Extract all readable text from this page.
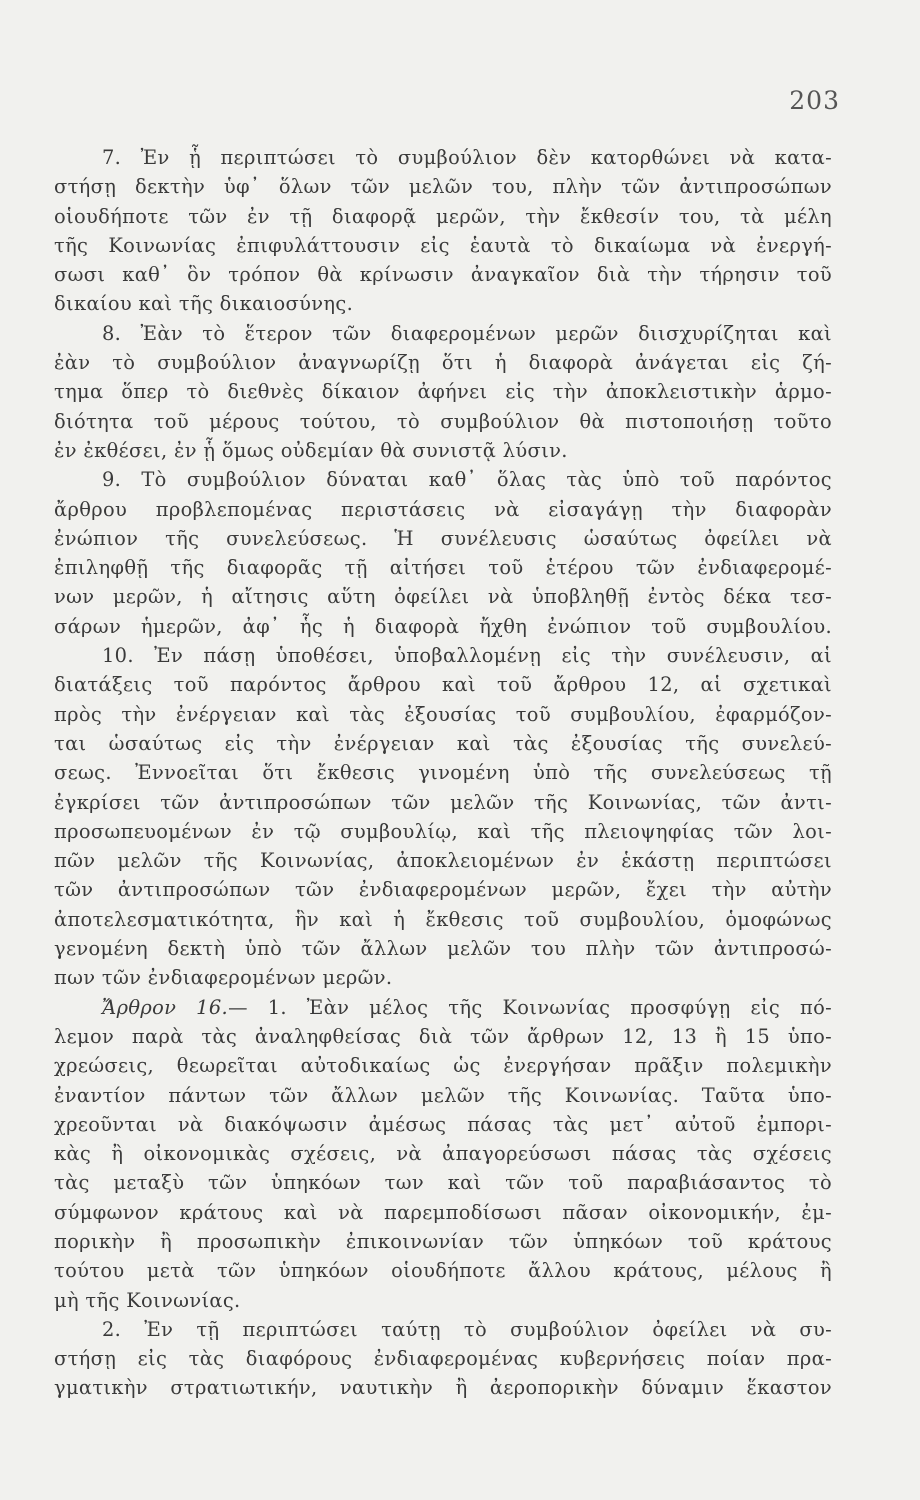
203
7. Ἐν ᾗ περιπτώσει τὸ συμβούλιον δὲν κατορθώνει νὰ κατα-
στήσῃ δεκτὴν ὑφ᾽ ὅλων τῶν μελῶν του, πλὴν τῶν ἀντιπροσώπων
οἱουδήποτε τῶν ἐν τῇ διαφορᾷ μερῶν, τὴν ἔκθεσίν του, τὰ μέλη
τῆς Κοινωνίας ἐπιφυλάττουσιν εἰς ἑαυτὰ τὸ δικαίωμα νὰ ἐνεργή-
σωσι καθ᾽ ὃν τρόπον θὰ κρίνωσιν ἀναγκαῖον διὰ τὴν τήρησιν τοῦ
δικαίου καὶ τῆς δικαιοσύνης.
8. Ἐὰν τὸ ἕτερον τῶν διαφερομένων μερῶν διισχυρίζηται καὶ
ἐὰν τὸ συμβούλιον ἀναγνωρίζῃ ὅτι ἡ διαφορὰ ἀνάγεται εἰς ζή-
τημα ὅπερ τὸ διεθνὲς δίκαιον ἀφήνει εἰς τὴν ἀποκλειστικὴν ἁρμο-
διότητα τοῦ μέρους τούτου, τὸ συμβούλιον θὰ πιστοποιήσῃ τοῦτο
ἐν ἐκθέσει, ἐν ᾗ ὅμως οὐδεμίαν θὰ συνιστᾷ λύσιν.
9. Τὸ συμβούλιον δύναται καθ᾽ ὅλας τὰς ὑπὸ τοῦ παρόντος
ἄρθρου προβλεπομένας περιστάσεις νὰ εἰσαγάγῃ τὴν διαφορὰν
ἐνώπιον τῆς συνελεύσεως. Ἡ συνέλευσις ὡσαύτως ὀφείλει νὰ
ἐπιληφθῇ τῆς διαφορᾶς τῇ αἰτήσει τοῦ ἑτέρου τῶν ἐνδιαφερομέ-
νων μερῶν, ἡ αἴτησις αὕτη ὀφείλει νὰ ὑποβληθῇ ἐντὸς δέκα τεσ-
σάρων ἡμερῶν, ἀφ᾽ ἧς ἡ διαφορὰ ἤχθη ἐνώπιον τοῦ συμβουλίου.
10. Ἐν πάσῃ ὑποθέσει, ὑποβαλλομένῃ εἰς τὴν συνέλευσιν, αἱ
διατάξεις τοῦ παρόντος ἄρθρου καὶ τοῦ ἄρθρου 12, αἱ σχετικαὶ
πρὸς τὴν ἐνέργειαν καὶ τὰς ἐξουσίας τοῦ συμβουλίου, ἐφαρμόζον-
ται ὡσαύτως εἰς τὴν ἐνέργειαν καὶ τὰς ἐξουσίας τῆς συνελεύ-
σεως. Ἐννοεῖται ὅτι ἔκθεσις γινομένη ὑπὸ τῆς συνελεύσεως τῇ
ἐγκρίσει τῶν ἀντιπροσώπων τῶν μελῶν τῆς Κοινωνίας, τῶν ἀντι-
προσωπευομένων ἐν τῷ συμβουλίῳ, καὶ τῆς πλειοψηφίας τῶν λοι-
πῶν μελῶν τῆς Κοινωνίας, ἀποκλειομένων ἐν ἑκάστῃ περιπτώσει
τῶν ἀντιπροσώπων τῶν ἐνδιαφερομένων μερῶν, ἔχει τὴν αὐτὴν
ἀποτελεσματικότητα, ἣν καὶ ἡ ἔκθεσις τοῦ συμβουλίου, ὁμοφώνως
γενομένη δεκτὴ ὑπὸ τῶν ἄλλων μελῶν του πλὴν τῶν ἀντιπροσώ-
πων τῶν ἐνδιαφερομένων μερῶν.
Ἄρθρον 16.— 1. Ἐὰν μέλος τῆς Κοινωνίας προσφύγῃ εἰς πό-
λεμον παρὰ τὰς ἀναληφθείσας διὰ τῶν ἄρθρων 12, 13 ἢ 15 ὑπο-
χρεώσεις, θεωρεῖται αὐτοδικαίως ὡς ἐνεργήσαν πρᾶξιν πολεμικὴν
ἐναντίον πάντων τῶν ἄλλων μελῶν τῆς Κοινωνίας. Ταῦτα ὑπο-
χρεοῦνται νὰ διακόψωσιν ἀμέσως πάσας τὰς μετ᾽ αὐτοῦ ἐμπορι-
κὰς ἢ οἰκονομικὰς σχέσεις, νὰ ἀπαγορεύσωσι πάσας τὰς σχέσεις
τὰς μεταξὺ τῶν ὑπηκόων των καὶ τῶν τοῦ παραβιάσαντος τὸ
σύμφωνον κράτους καὶ νὰ παρεμποδίσωσι πᾶσαν οἰκονομικήν, ἐμ-
πορικὴν ἢ προσωπικὴν ἐπικοινωνίαν τῶν ὑπηκόων τοῦ κράτους
τούτου μετὰ τῶν ὑπηκόων οἱουδήποτε ἄλλου κράτους, μέλους ἢ
μὴ τῆς Κοινωνίας.
2. Ἐν τῇ περιπτώσει ταύτῃ τὸ συμβούλιον ὀφείλει νὰ συ-
στήσῃ εἰς τὰς διαφόρους ἐνδιαφερομένας κυβερνήσεις ποίαν πρα-
γματικὴν στρατιωτικήν, ναυτικὴν ἢ ἀεροπορικὴν δύναμιν ἕκαστον
